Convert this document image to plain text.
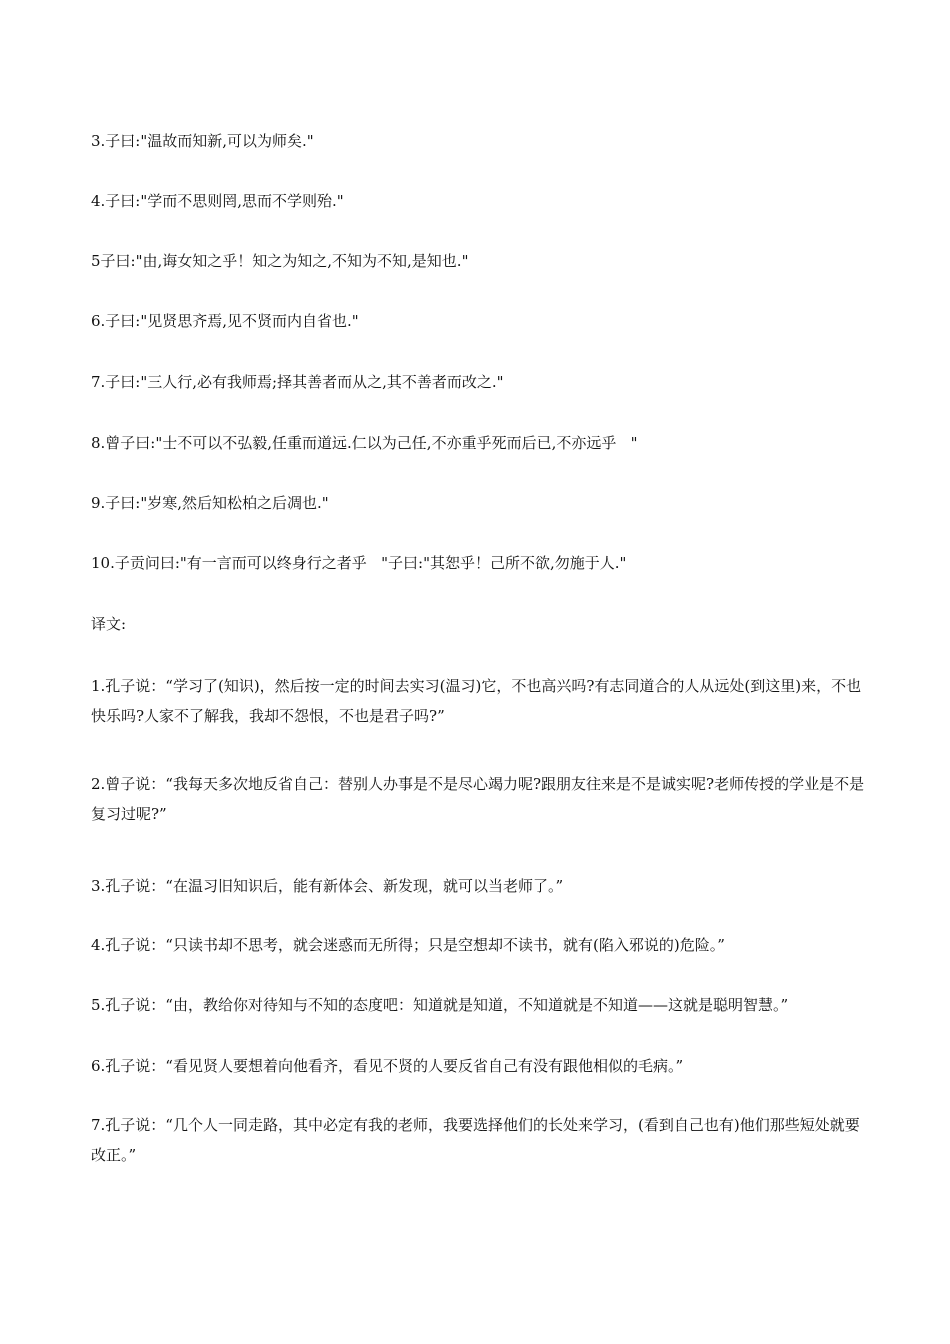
3.子曰:"温故而知新,可以为师矣."
4.子曰:"学而不思则罔,思而不学则殆."
5子曰:"由,诲女知之乎！知之为知之,不知为不知,是知也."
6.子曰:"见贤思齐焉,见不贤而内自省也."
7.子曰:"三人行,必有我师焉;择其善者而从之,其不善者而改之."
8.曾子曰:"士不可以不弘毅,任重而道远.仁以为己任,不亦重乎死而后已,不亦远乎   "
9.子曰:"岁寒,然后知松柏之后凋也."
10.子贡问曰:"有一言而可以终身行之者乎   "子曰:"其恕乎！己所不欲,勿施于人."
译文:
1.孔子说：“学习了(知识)，然后按一定的时间去实习(温习)它，不也高兴吗?有志同道合的人从远处(到这里)来，不也快乐吗?人家不了解我，我却不怨恨，不也是君子吗?”
2.曾子说：“我每天多次地反省自己：替别人办事是不是尽心竭力呢?跟朋友往来是不是诚实呢?老师传授的学业是不是复习过呢?”
3.孔子说：“在温习旧知识后，能有新体会、新发现，就可以当老师了。”
4.孔子说：“只读书却不思考，就会迷惑而无所得；只是空想却不读书，就有(陷入邪说的)危险。”
5.孔子说：“由，教给你对待知与不知的态度吧：知道就是知道，不知道就是不知道——这就是聪明智慧。”
6.孔子说：“看见贤人要想着向他看齐，看见不贤的人要反省自己有没有跟他相似的毛病。”
7.孔子说：“几个人一同走路，其中必定有我的老师，我要选择他们的长处来学习，(看到自己也有)他们那些短处就要改正。”
